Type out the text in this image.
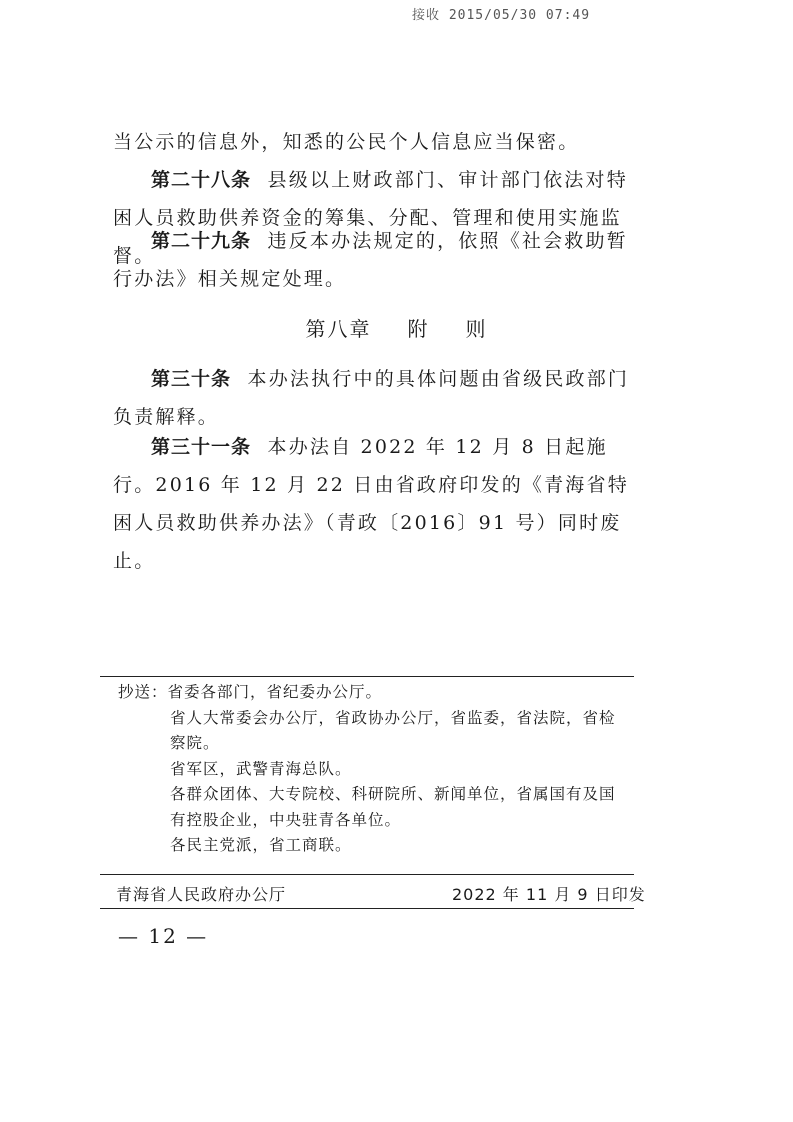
接收 2015/05/30 07:49

当公示的信息外，知悉的公民个人信息应当保密。

第二十八条 县级以上财政部门、审计部门依法对特困人员救助供养资金的筹集、分配、管理和使用实施监督。

第二十九条 违反本办法规定的，依照《社会救助暂行办法》相关规定处理。

第八章 附 则

第三十条 本办法执行中的具体问题由省级民政部门负责解释。

第三十一条 本办法自 2022 年 12 月 8 日起施行。2016 年 12 月 22 日由省政府印发的《青海省特困人员救助供养办法》（青政〔2016〕91 号）同时废止。

抄送：省委各部门，省纪委办公厅。
省人大常委会办公厅，省政协办公厅，省监委，省法院，省检察院。
省军区，武警青海总队。
各群众团体、大专院校、科研院所、新闻单位，省属国有及国有控股企业，中央驻青各单位。
各民主党派，省工商联。
青海省人民政府办公厅	2022 年 11 月 9 日印发
— 12 —
